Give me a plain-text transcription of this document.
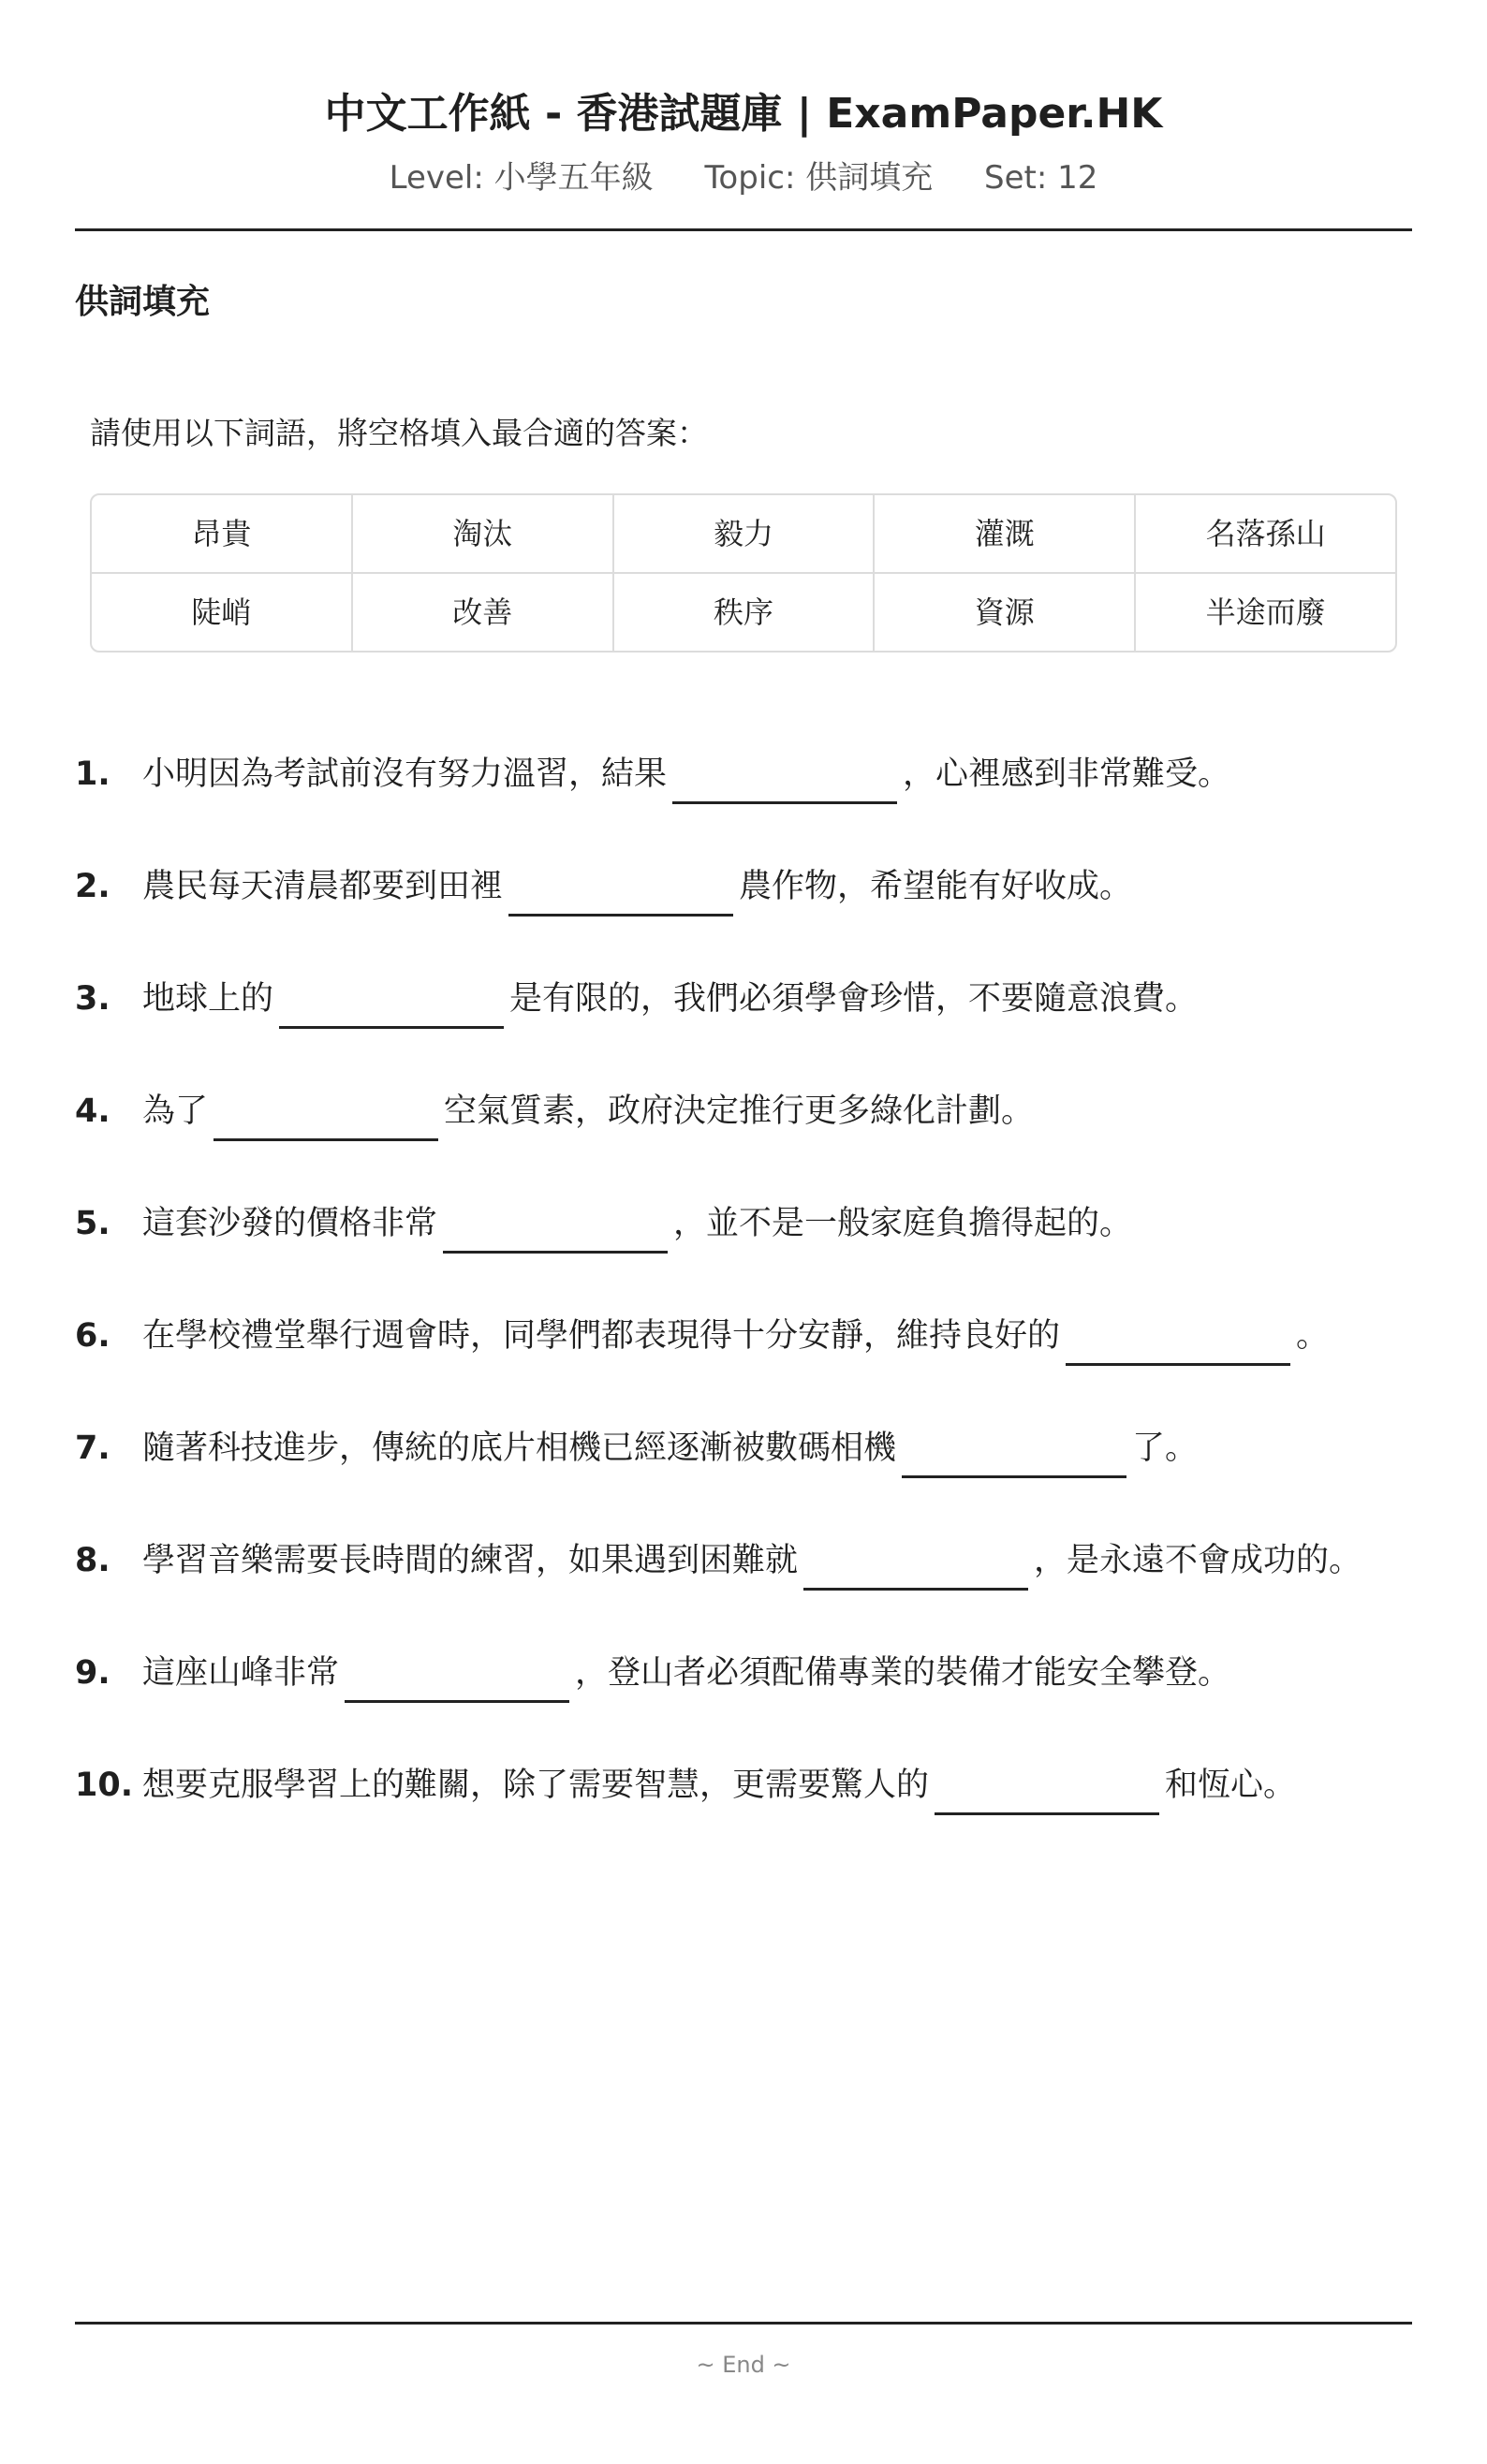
中文工作紙 - 香港試題庫 | ExamPaper.HK
Level: 小學五年級 Topic: 供詞填充 Set: 12
供詞填充
請使用以下詞語，將空格填入最合適的答案：
昂貴	淘汰	毅力	灌溉	名落孫山
陡峭	改善	秩序	資源	半途而廢
1. 小明因為考試前沒有努力溫習，結果	，心裡感到非常難受。
2. 農民每天清晨都要到田裡	農作物，希望能有好收成。
3. 地球上的	是有限的，我們必須學會珍惜，不要隨意浪費。
4. 為了	空氣質素，政府決定推行更多綠化計劃。
5. 這套沙發的價格非常	，並不是一般家庭負擔得起的。
6. 在學校禮堂舉行週會時，同學們都表現得十分安靜，維持良好的	。
7. 隨著科技進步，傳統的底片相機已經逐漸被數碼相機	了。
8. 學習音樂需要長時間的練習，如果遇到困難就	，是永遠不會成功的。
9. 這座山峰非常	，登山者必須配備專業的裝備才能安全攀登。
10. 想要克服學習上的難關，除了需要智慧，更需要驚人的	和恆心。
~ End ~
